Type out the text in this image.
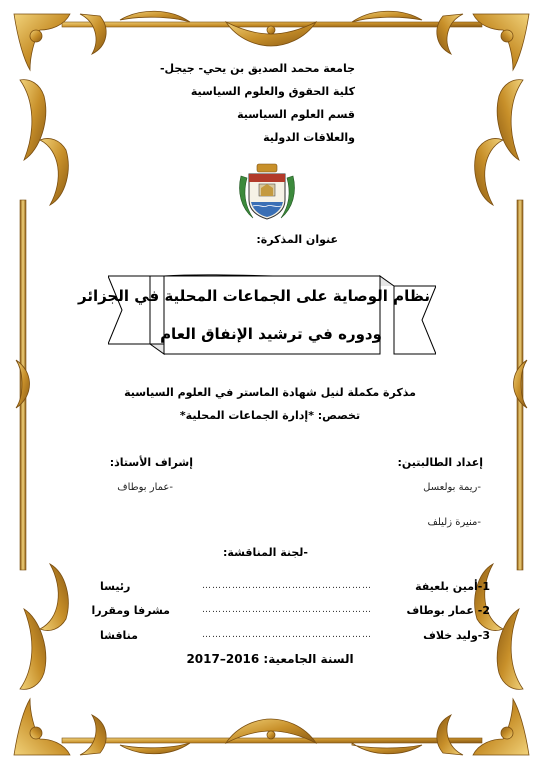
جامعة محمد الصديق بن يحي- جيجل-
كلية الحقوق والعلوم السياسية
قسم العلوم السياسية
والعلاقات الدولية
عنوان المذكرة:
نظام الوصاية على الجماعات المحلية في الجزائر
ودوره في ترشيد الإنفاق العام
مذكرة مكملة لنيل شهادة الماستر في العلوم السياسية
تخصص: *إدارة الجماعات المحلية*
إعداد الطالبتين:
-ريمة بولعسل
-منيرة زليلف
إشراف الأستاذ:
-عمار بوطاف
-لجنة المناقشة:
1-أمين بلعيفة
……………………………………………
رئيسا
2- عمار بوطاف
……………………………………………
مشرفا ومقررا
3-وليد خلاف
……………………………………………
مناقشا
السنة الجامعية: 2016–2017
